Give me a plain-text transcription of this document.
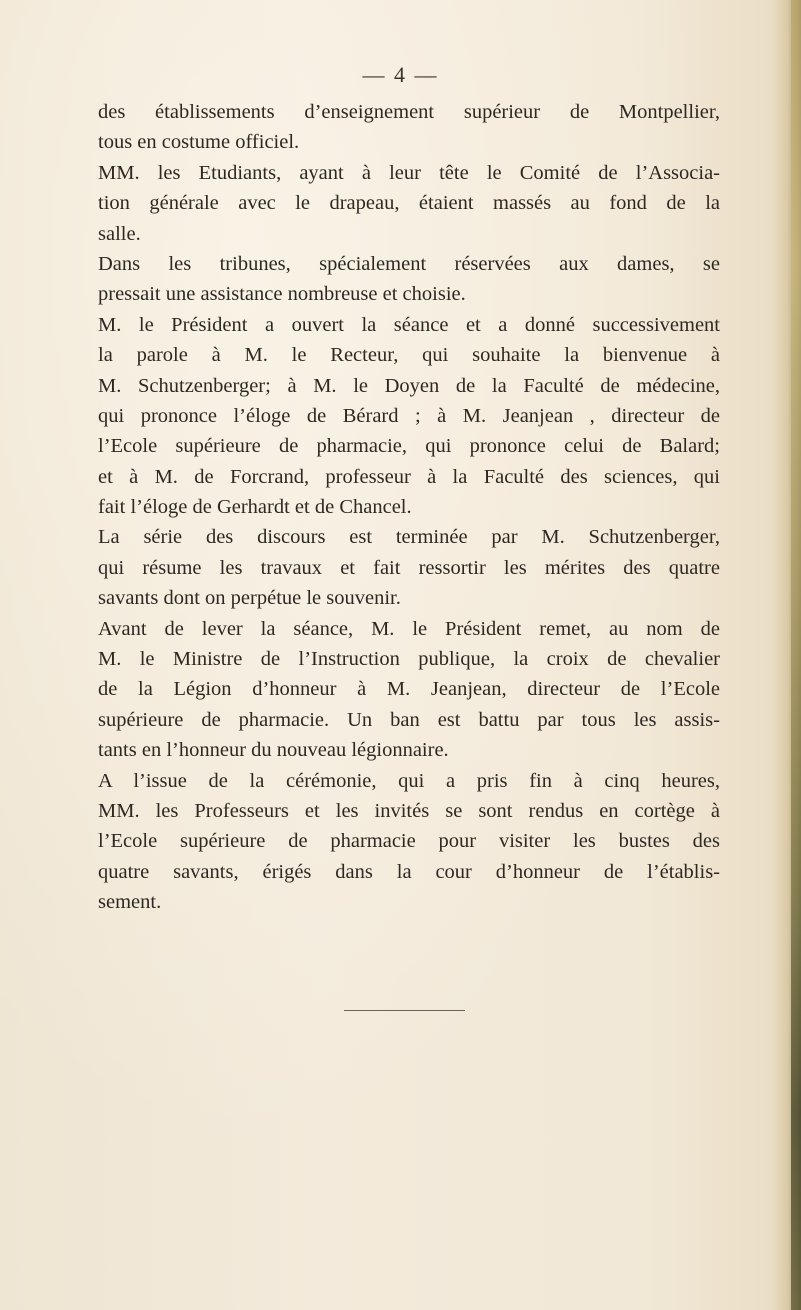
— 4 —
des établissements d’enseignement supérieur de Montpellier,
tous en costume officiel.
MM. les Etudiants, ayant à leur tête le Comité de l’Associa-
tion générale avec le drapeau, étaient massés au fond de la
salle.
Dans les tribunes, spécialement réservées aux dames, se
pressait une assistance nombreuse et choisie.
M. le Président a ouvert la séance et a donné successivement
la parole à M. le Recteur, qui souhaite la bienvenue à
M. Schutzenberger; à M. le Doyen de la Faculté de médecine,
qui prononce l’éloge de Bérard ; à M. Jeanjean , directeur de
l’Ecole supérieure de pharmacie, qui prononce celui de Balard;
et à M. de Forcrand, professeur à la Faculté des sciences, qui
fait l’éloge de Gerhardt et de Chancel.
La série des discours est terminée par M. Schutzenberger,
qui résume les travaux et fait ressortir les mérites des quatre
savants dont on perpétue le souvenir.
Avant de lever la séance, M. le Président remet, au nom de
M. le Ministre de l’Instruction publique, la croix de chevalier
de la Légion d’honneur à M. Jeanjean, directeur de l’Ecole
supérieure de pharmacie. Un ban est battu par tous les assis-
tants en l’honneur du nouveau légionnaire.
A l’issue de la cérémonie, qui a pris fin à cinq heures,
MM. les Professeurs et les invités se sont rendus en cortège à
l’Ecole supérieure de pharmacie pour visiter les bustes des
quatre savants, érigés dans la cour d’honneur de l’établis-
sement.
